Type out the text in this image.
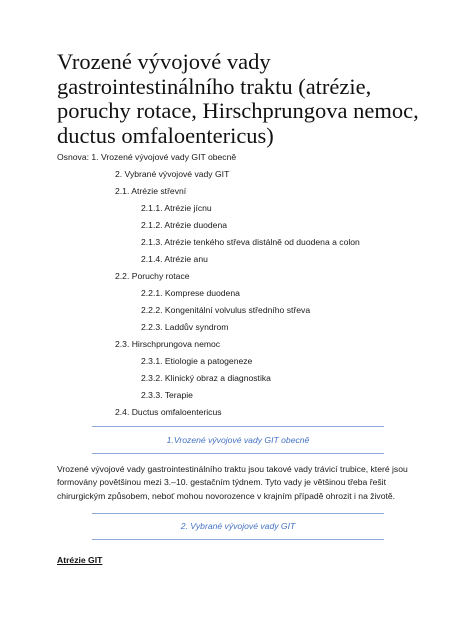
Vrozené vývojové vady gastrointestinálního traktu (atrézie, poruchy rotace, Hirschprungova nemoc, ductus omfaloentericus)
Osnova: 1. Vrozené vývojové vady GIT obecně
2. Vybrané vývojové vady GIT
2.1. Atrézie střevní
2.1.1. Atrézie jícnu
2.1.2. Atrézie duodena
2.1.3. Atrézie tenkého střeva distálně od duodena a colon
2.1.4. Atrézie anu
2.2. Poruchy rotace
2.2.1. Komprese duodena
2.2.2. Kongenitální volvulus středního střeva
2.2.3. Laddův syndrom
2.3. Hirschprungova nemoc
2.3.1. Etiologie a patogeneze
2.3.2. Klinický obraz a diagnostika
2.3.3. Terapie
2.4. Ductus omfaloentericus
1.Vrozené vývojové vady GIT obecně

Vrozené vývojové vady gastrointestinálního traktu jsou takové vady trávicí trubice, které jsou formovány povětšinou mezi 3.–10. gestačním týdnem. Tyto vady je většinou třeba řešit chirurgickým způsobem, neboť mohou novorozence v krajním případě ohrozit i na životě.

2. Vybrané vývojové vady GIT
Atrézie GIT
